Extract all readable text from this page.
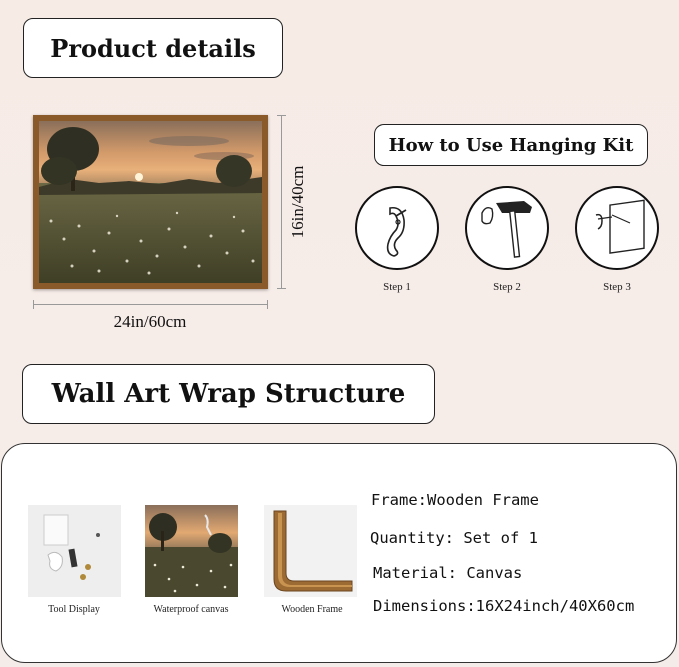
Product details
24in/60cm
16in/40cm
How to Use Hanging Kit
Step 1	Step 2	Step 3
Wall Art Wrap Structure
Tool Display	Waterproof canvas	Wooden Frame
Frame:Wooden Frame
Quantity: Set of 1
Material: Canvas
Dimensions:16X24inch/40X60cm
